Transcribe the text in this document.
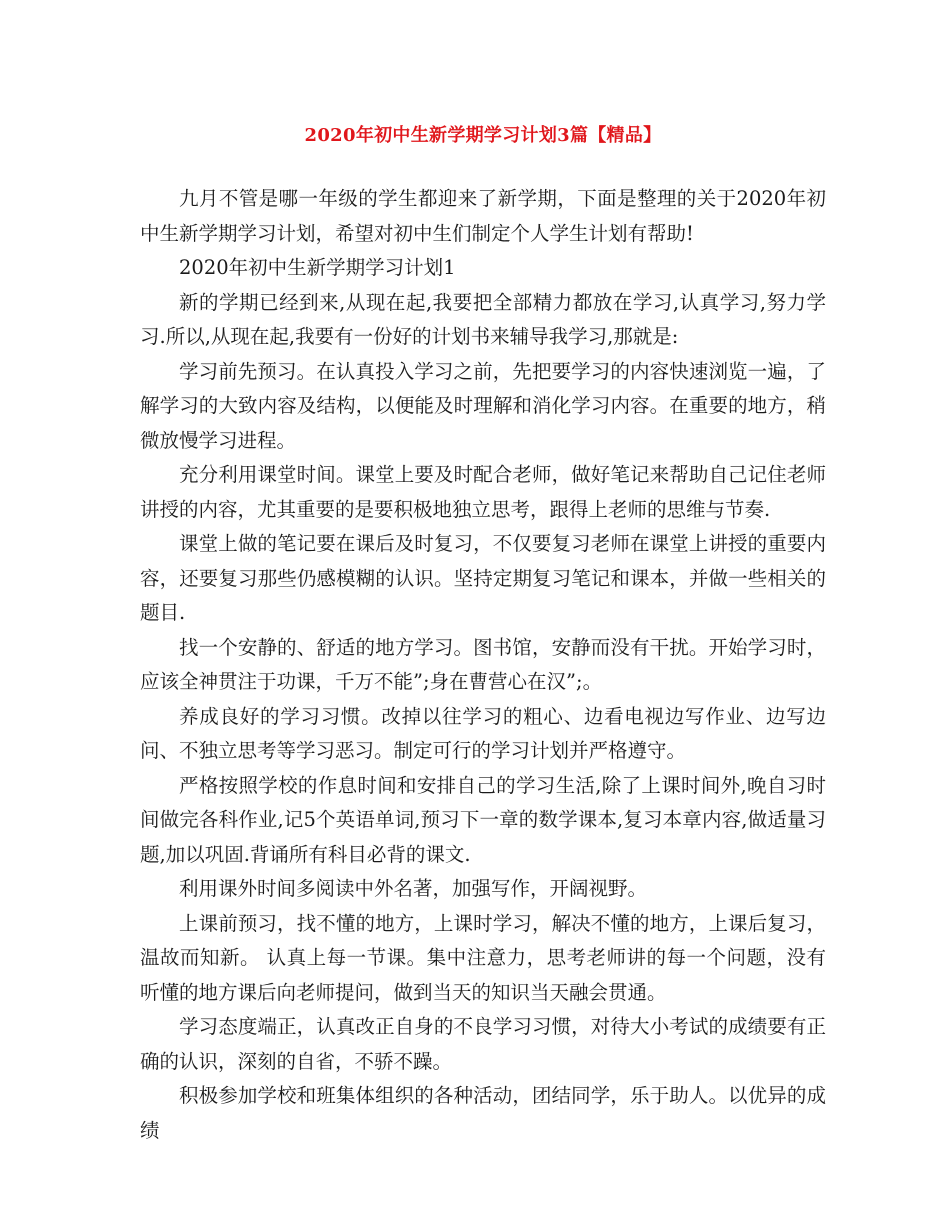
2020年初中生新学期学习计划3篇【精品】

九月不管是哪一年级的学生都迎来了新学期，下面是整理的关于2020年初中生新学期学习计划，希望对初中生们制定个人学生计划有帮助!

2020年初中生新学期学习计划1

新的学期已经到来,从现在起,我要把全部精力都放在学习,认真学习,努力学习.所以,从现在起,我要有一份好的计划书来辅导我学习,那就是:

学习前先预习。在认真投入学习之前，先把要学习的内容快速浏览一遍，了解学习的大致内容及结构，以便能及时理解和消化学习内容。在重要的地方，稍微放慢学习进程。

充分利用课堂时间。课堂上要及时配合老师，做好笔记来帮助自己记住老师讲授的内容，尤其重要的是要积极地独立思考，跟得上老师的思维与节奏.

课堂上做的笔记要在课后及时复习，不仅要复习老师在课堂上讲授的重要内容，还要复习那些仍感模糊的认识。坚持定期复习笔记和课本，并做一些相关的题目.

找一个安静的、舒适的地方学习。图书馆，安静而没有干扰。开始学习时，应该全神贯注于功课，千万不能”;身在曹营心在汉”;。

养成良好的学习习惯。改掉以往学习的粗心、边看电视边写作业、边写边问、不独立思考等学习恶习。制定可行的学习计划并严格遵守。

严格按照学校的作息时间和安排自己的学习生活,除了上课时间外,晚自习时间做完各科作业,记5个英语单词,预习下一章的数学课本,复习本章内容,做适量习题,加以巩固.背诵所有科目必背的课文.

利用课外时间多阅读中外名著，加强写作，开阔视野。

上课前预习，找不懂的地方，上课时学习，解决不懂的地方，上课后复习，温故而知新。 认真上每一节课。集中注意力，思考老师讲的每一个问题，没有听懂的地方课后向老师提问，做到当天的知识当天融会贯通。

学习态度端正，认真改正自身的不良学习习惯，对待大小考试的成绩要有正确的认识，深刻的自省，不骄不躁。

积极参加学校和班集体组织的各种活动，团结同学，乐于助人。以优异的成绩
